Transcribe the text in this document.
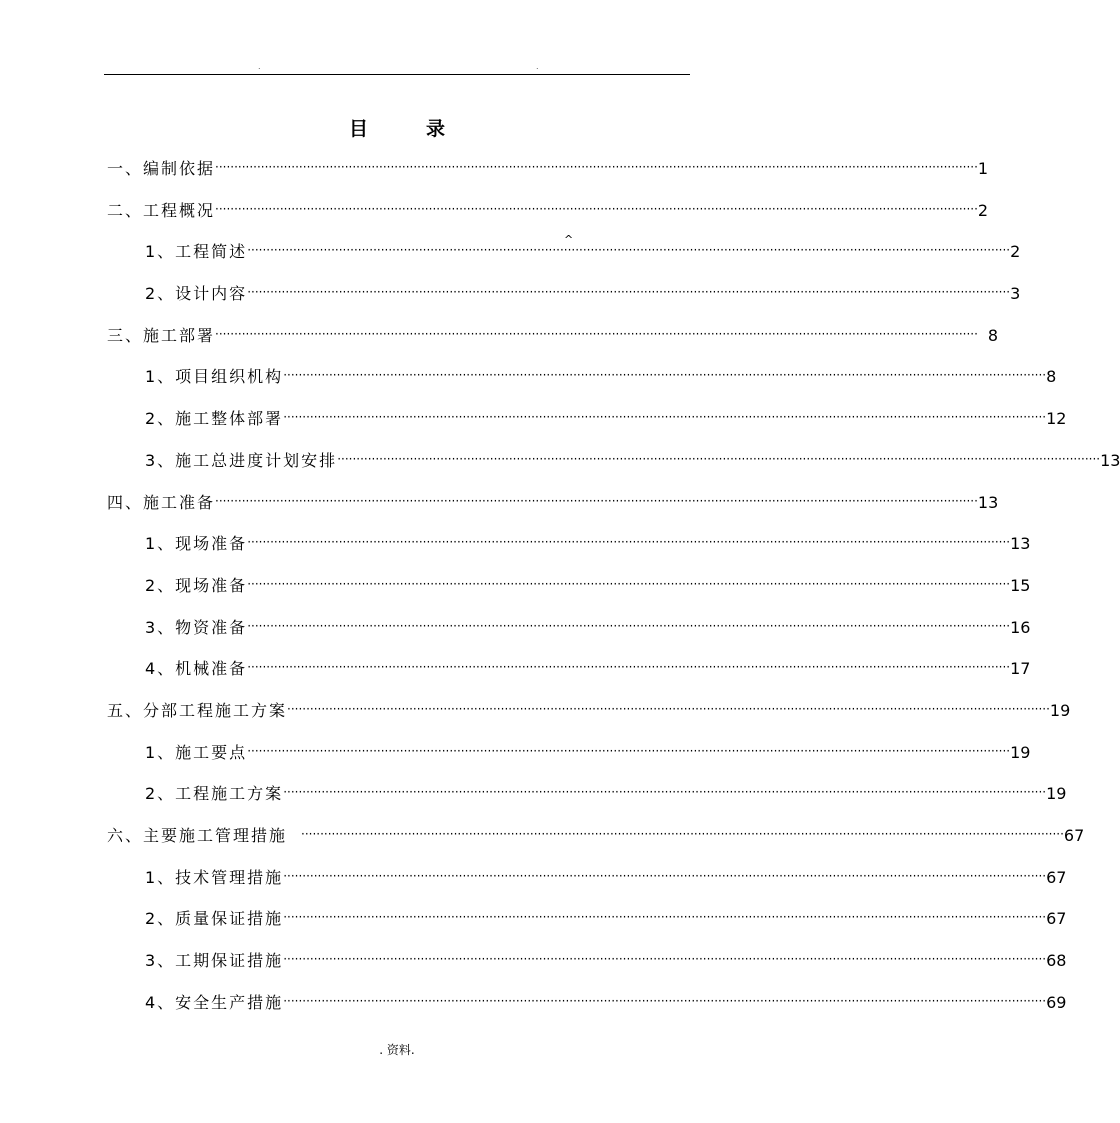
.	.
目	录
一、编制依据 ········································································································································································································ 1
二、工程概况 ········································································································································································································ 2
1、工程简述 ········································································································································································································ 2
^
2、设计内容 ········································································································································································································ 3
三、施工部署 ········································································································································································································ 8
1、项目组织机构 ········································································································································································································ 8
2、施工整体部署 ········································································································································································································ 12
3、施工总进度计划安排 ········································································································································································································ 13
四、施工准备 ········································································································································································································ 13
1、现场准备 ········································································································································································································ 13
2、现场准备 ········································································································································································································ 15
3、物资准备 ········································································································································································································ 16
4、机械准备 ········································································································································································································ 17
五、分部工程施工方案 ········································································································································································································ 19
1、施工要点 ········································································································································································································ 19
2、工程施工方案 ········································································································································································································ 19
六、主要施工管理措施 ········································································································································································································ 67
1、技术管理措施 ········································································································································································································ 67
2、质量保证措施 ········································································································································································································ 67
3、工期保证措施 ········································································································································································································ 68
4、安全生产措施 ········································································································································································································ 69
. 资料.
